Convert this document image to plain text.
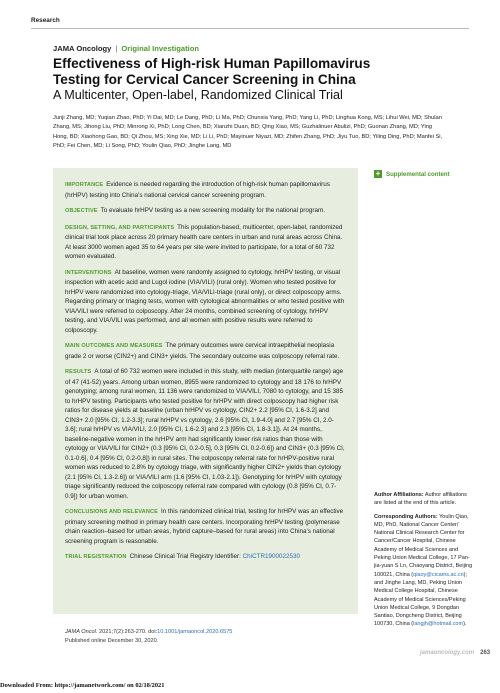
Research
JAMA Oncology | Original Investigation
Effectiveness of High-risk Human Papillomavirus Testing for Cervical Cancer Screening in China
A Multicenter, Open-label, Randomized Clinical Trial
Junji Zhang, MD; Yuqian Zhao, PhD; Yi Dai, MD; Le Dang, PhD; Li Ma, PhD; Chunxia Yang, PhD; Yang Li, PhD; Linghua Kong, MS; Lihui Wei, MD; Shulan Zhang, MS; Jihong Liu, PhD; Minrong Xi, PhD; Long Chen, BD; Xianzhi Duan, BD; Qing Xiao, MS; Guzhalinuer Abulizi, PhD; Guonan Zhang, MD; Ying Hong, BD; Xiaohong Gao, BD; Qi Zhou, MS; Xing Xie, MD; Li Li, PhD; Mayinuer Niyazi, MD; Zhifen Zhang, PhD; Jiyu Tuo, BD; Yiling Ding, PhD; Manfei Si, PhD; Fei Chen, MD; Li Song, PhD; Youlin Qiao, PhD; Jinghe Lang, MD
+ Supplemental content
IMPORTANCE Evidence is needed regarding the introduction of high-risk human papillomavirus (hrHPV) testing into China's national cervical cancer screening program.
OBJECTIVE To evaluate hrHPV testing as a new screening modality for the national program.
DESIGN, SETTING, AND PARTICIPANTS This population-based, multicenter, open-label, randomized clinical trial took place across 20 primary health care centers in urban and rural areas across China. At least 3000 women aged 35 to 64 years per site were invited to participate, for a total of 60 732 women evaluated.
INTERVENTIONS At baseline, women were randomly assigned to cytology, hrHPV testing, or visual inspection with acetic acid and Lugol iodine (VIA/VILI) (rural only). Women who tested positive for hrHPV were randomized into cytology-triage, VIA/VILI-triage (rural only), or direct colposcopy arms. Regarding primary or triaging tests, women with cytological abnormalities or who tested positive with VIA/VILI were referred to colposcopy. After 24 months, combined screening of cytology, hrHPV testing, and VIA/VILI was performed, and all women with positive results were referred to colposcopy.
MAIN OUTCOMES AND MEASURES The primary outcomes were cervical intraepithelial neoplasia grade 2 or worse (CIN2+) and CIN3+ yields. The secondary outcome was colposcopy referral rate.
RESULTS A total of 60 732 women were included in this study, with median (interquartile range) age of 47 (41-52) years. Among urban women, 8955 were randomized to cytology and 18 176 to hrHPV genotyping; among rural women, 11 136 were randomized to VIA/VILI, 7080 to cytology, and 15 385 to hrHPV testing. Participants who tested positive for hrHPV with direct colposcopy had higher risk ratios for disease yields at baseline (urban hrHPV vs cytology, CIN2+ 2.2 [95% CI, 1.6-3.2] and CIN3+ 2.0 [95% CI, 1.2-3.3]; rural hrHPV vs cytology, 2.6 [95% CI, 1.9-4.0] and 2.7 [95% CI, 2.0-3.6]; rural hrHPV vs VIA/VILI, 2.0 [95% CI, 1.6-2.3] and 2.3 [95% CI, 1.8-3.1]). At 24 months, baseline-negative women in the hrHPV arm had significantly lower risk ratios than those with cytology or VIA/VILI for CIN2+ (0.3 [95% CI, 0.2-0.5], 0.3 [95% CI, 0.2-0.6]) and CIN3+ (0.3 [95% CI, 0.1-0.6], 0.4 [95% CI, 0.2-0.8]) in rural sites. The colposcopy referral rate for hrHPV-positive rural women was reduced to 2.8% by cytology triage, with significantly higher CIN2+ yields than cytology (2.1 [95% CI, 1.3-2.6]) or VIA/VILI arm (1.6 [95% CI, 1.03-2.1]). Genotyping for hrHPV with cytology triage significantly reduced the colposcopy referral rate compared with cytology (0.8 [95% CI, 0.7-0.9]) for urban women.
CONCLUSIONS AND RELEVANCE In this randomized clinical trial, testing for hrHPV was an effective primary screening method in primary health care centers. Incorporating hrHPV testing (polymerase chain reaction–based for urban areas, hybrid capture–based for rural areas) into China's national screening program is reasonable.
TRIAL REGISTRATION Chinese Clinical Trial Registry Identifier: ChiCTR1900022530
JAMA Oncol. 2021;7(2):263-270. doi:10.1001/jamaoncol.2020.6575
Published online December 30, 2020.

Author Affiliations: Author affiliations are listed at the end of this article.

Corresponding Authors: Youlin Qiao, MD, PhD, National Cancer Center/ National Clinical Research Center for Cancer/Cancer Hospital, Chinese Academy of Medical Sciences and Peking Union Medical College, 17 Pan-jia-yuan S Ln, Chaoyang District, Beijing 100021, China (qiaoy@cicams.ac.cn); and Jinghe Lang, MD, Peking Union Medical College Hospital, Chinese Academy of Medical Sciences/Peking Union Medical College, 9 Dongdan Santiao, Dongcheng District, Beijing 100730, China (langjh@hotmail.com).

jamaoncology.com 263
Downloaded From: https://jamanetwork.com/ on 02/18/2021
